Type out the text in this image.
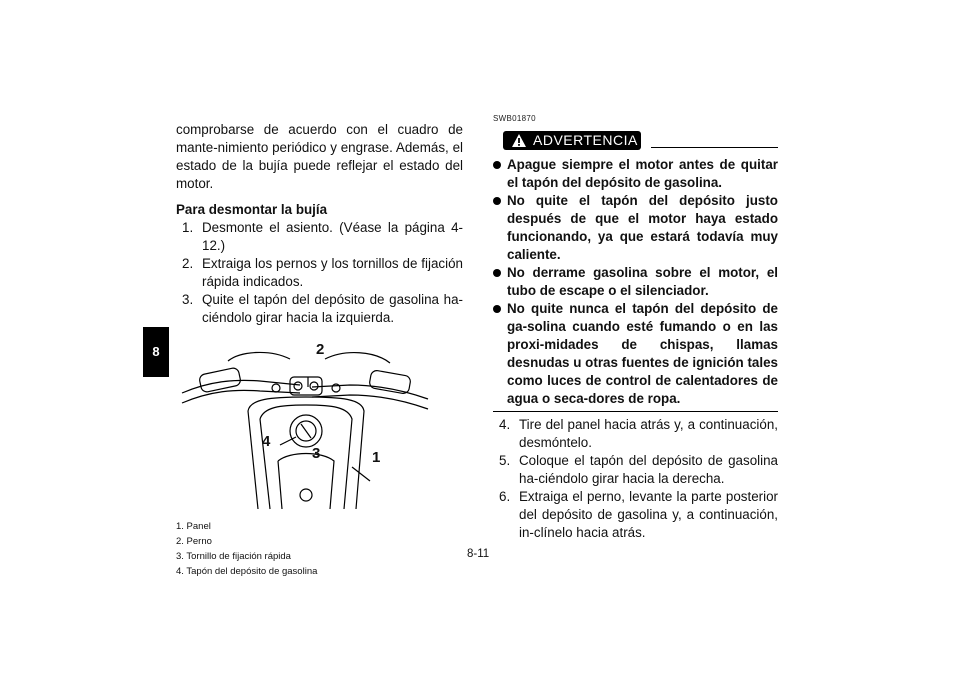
8

comprobarse de acuerdo con el cuadro de mante-nimiento periódico y engrase. Además, el estado de la bujía puede reflejar el estado del motor.

Para desmontar la bujía

1. Desmonte el asiento. (Véase la página 4-12.)
2. Extraiga los pernos y los tornillos de fijación rápida indicados.
3. Quite el tapón del depósito de gasolina ha-ciéndolo girar hacia la izquierda.
2
4
3	1
1. Panel
2. Perno
3. Tornillo de fijación rápida
4. Tapón del depósito de gasolina
SWB01870
ADVERTENCIA
Apague siempre el motor antes de quitar el tapón del depósito de gasolina.
No quite el tapón del depósito justo después de que el motor haya estado funcionando, ya que estará todavía muy caliente.
No derrame gasolina sobre el motor, el tubo de escape o el silenciador.
No quite nunca el tapón del depósito de ga-solina cuando esté fumando o en las proxi-midades de chispas, llamas desnudas u otras fuentes de ignición tales como luces de control de calentadores de agua o seca-dores de ropa.
4. Tire del panel hacia atrás y, a continuación, desmóntelo.
5. Coloque el tapón del depósito de gasolina ha-ciéndolo girar hacia la derecha.
6. Extraiga el perno, levante la parte posterior del depósito de gasolina y, a continuación, in-clínelo hacia atrás.
8-11
